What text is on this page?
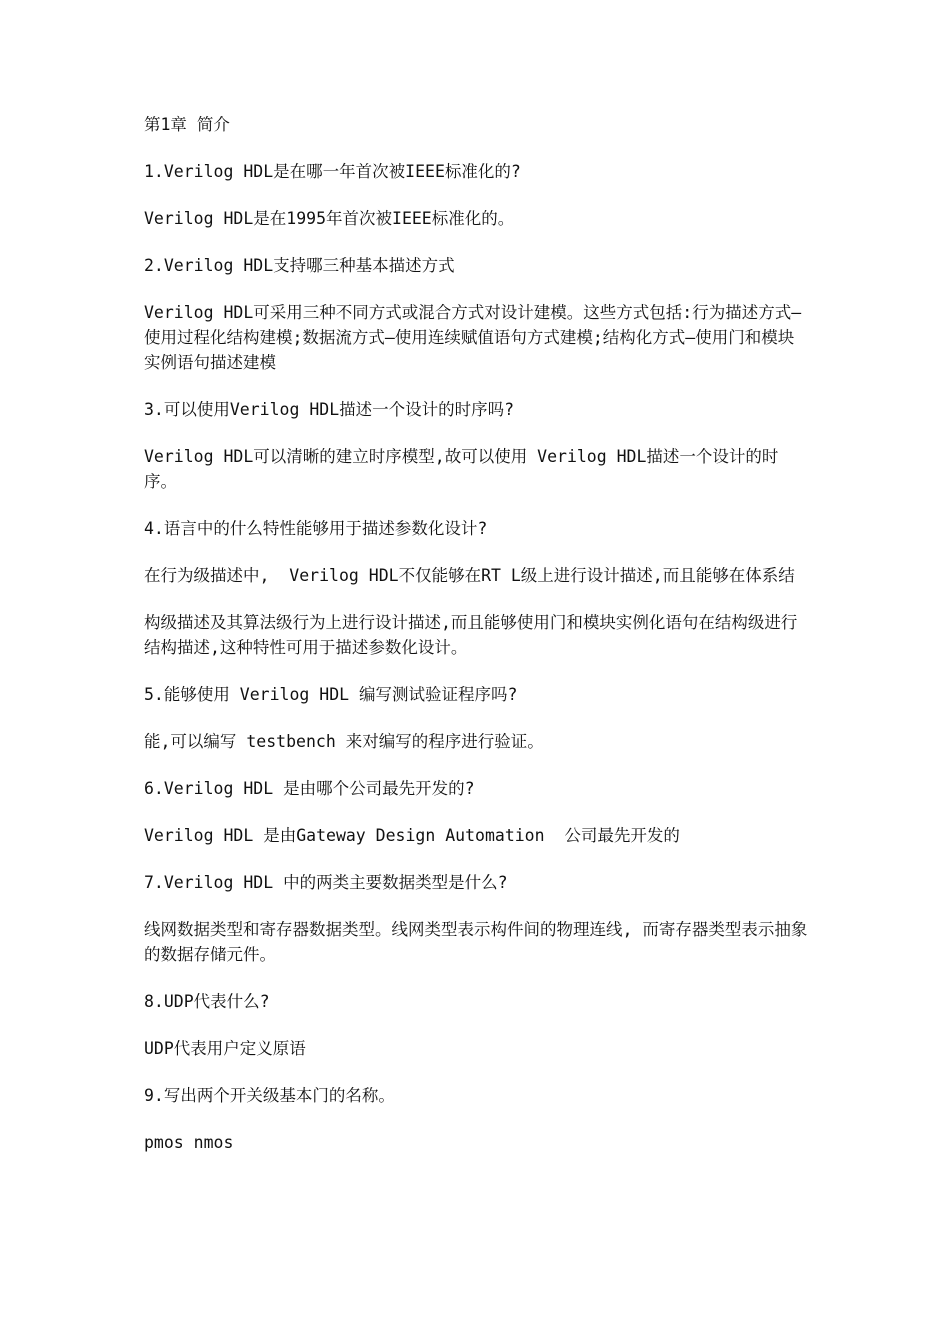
第1章 简介

1.Verilog HDL是在哪一年首次被IEEE标准化的?

Verilog HDL是在1995年首次被IEEE标准化的。

2.Verilog HDL支持哪三种基本描述方式

Verilog HDL可采用三种不同方式或混合方式对设计建模。这些方式包括:行为描述方式—使用过程化结构建模;数据流方式—使用连续赋值语句方式建模;结构化方式—使用门和模块实例语句描述建模

3.可以使用Verilog HDL描述一个设计的时序吗?

Verilog HDL可以清晰的建立时序模型,故可以使用 Verilog HDL描述一个设计的时序。

4.语言中的什么特性能够用于描述参数化设计?

在行为级描述中,  Verilog HDL不仅能够在RT L级上进行设计描述,而且能够在体系结

构级描述及其算法级行为上进行设计描述,而且能够使用门和模块实例化语句在结构级进行结构描述,这种特性可用于描述参数化设计。

5.能够使用 Verilog HDL 编写测试验证程序吗?

能,可以编写 testbench 来对编写的程序进行验证。

6.Verilog HDL 是由哪个公司最先开发的?

Verilog HDL 是由Gateway Design Automation  公司最先开发的

7.Verilog HDL 中的两类主要数据类型是什么?

线网数据类型和寄存器数据类型。线网类型表示构件间的物理连线, 而寄存器类型表示抽象的数据存储元件。

8.UDP代表什么?

UDP代表用户定义原语

9.写出两个开关级基本门的名称。

pmos nmos
